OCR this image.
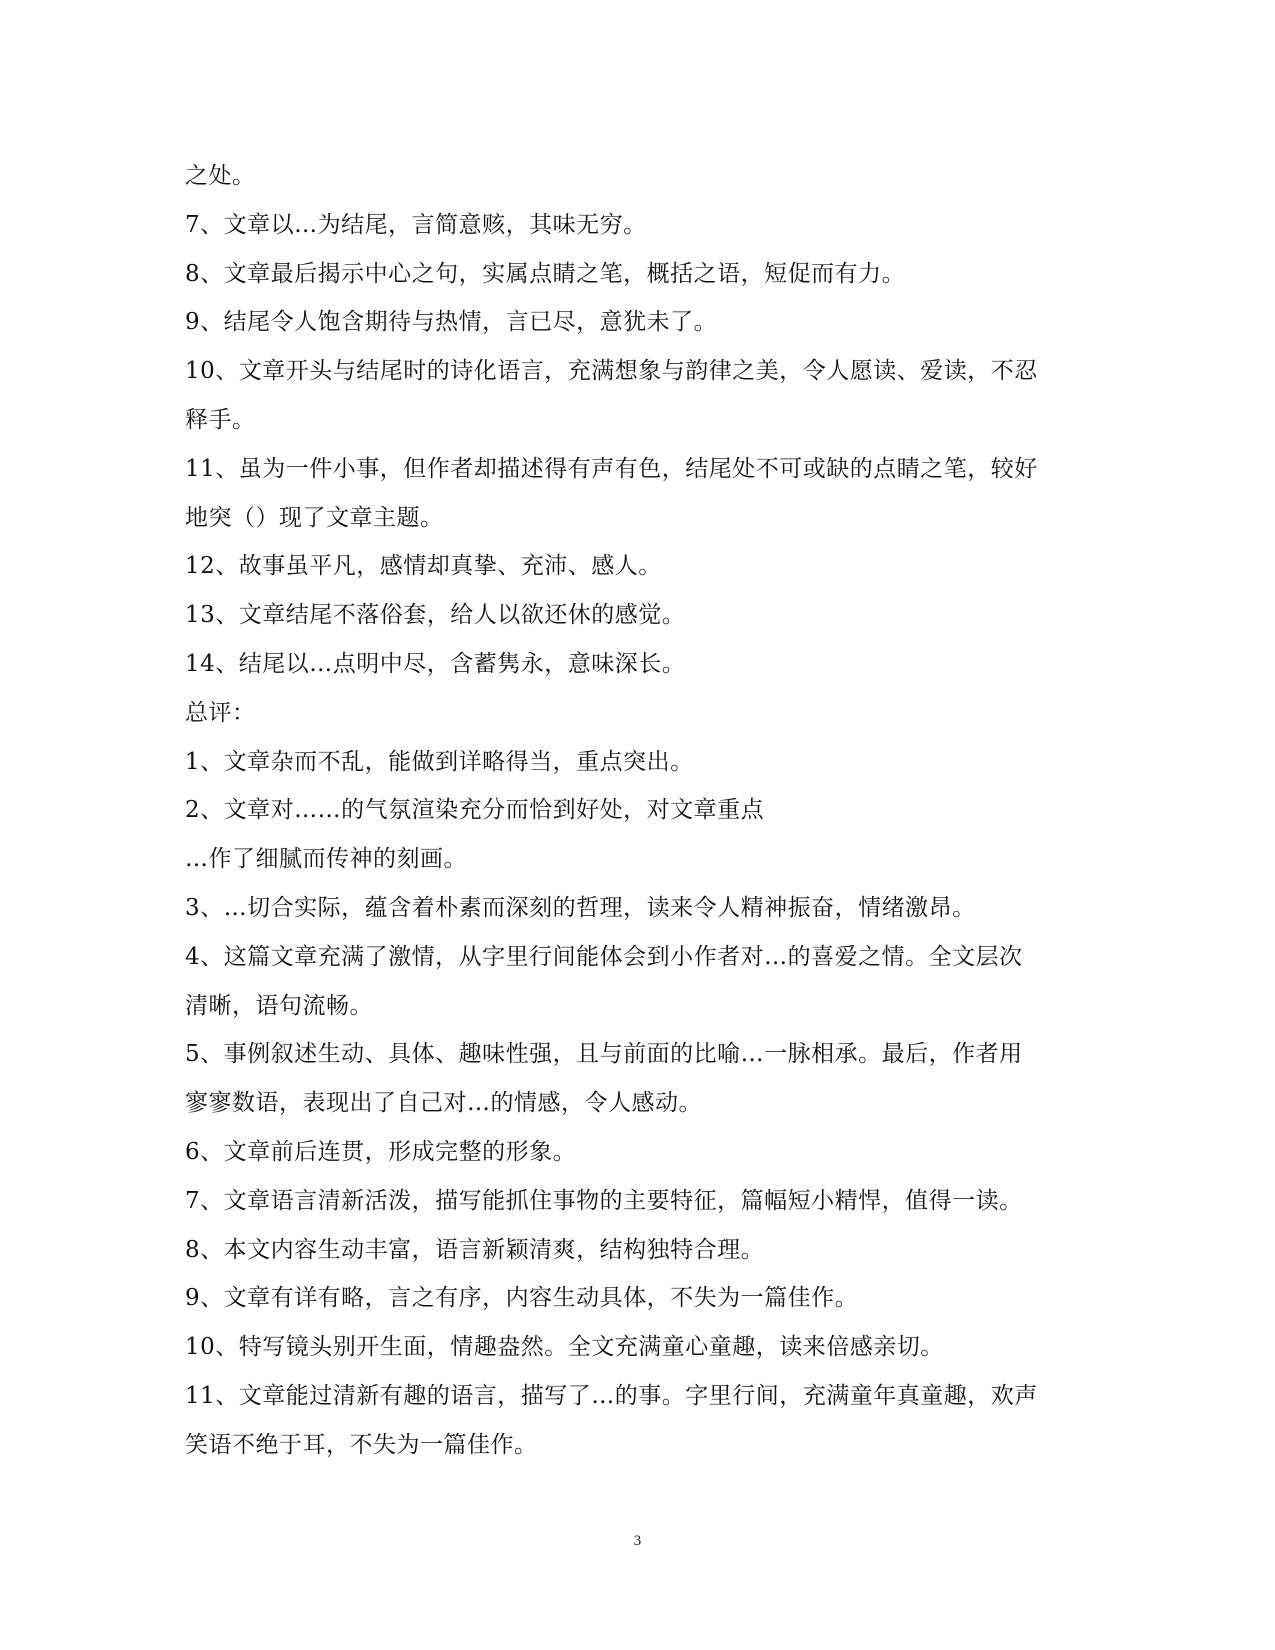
之处。
7、文章以…为结尾，言简意赅，其味无穷。
8、文章最后揭示中心之句，实属点睛之笔，概括之语，短促而有力。
9、结尾令人饱含期待与热情，言已尽，意犹未了。
10、文章开头与结尾时的诗化语言，充满想象与韵律之美，令人愿读、爱读，不忍
释手。
11、虽为一件小事，但作者却描述得有声有色，结尾处不可或缺的点睛之笔，较好
地突（）现了文章主题。
12、故事虽平凡，感情却真挚、充沛、感人。
13、文章结尾不落俗套，给人以欲还休的感觉。
14、结尾以…点明中尽，含蓄隽永，意味深长。
总评：
1、文章杂而不乱，能做到详略得当，重点突出。
2、文章对……的气氛渲染充分而恰到好处，对文章重点
…作了细腻而传神的刻画。
3、…切合实际，蕴含着朴素而深刻的哲理，读来令人精神振奋，情绪激昂。
4、这篇文章充满了激情，从字里行间能体会到小作者对…的喜爱之情。全文层次
清晰，语句流畅。
5、事例叙述生动、具体、趣味性强，且与前面的比喻…一脉相承。最后，作者用
寥寥数语，表现出了自己对…的情感，令人感动。
6、文章前后连贯，形成完整的形象。
7、文章语言清新活泼，描写能抓住事物的主要特征，篇幅短小精悍，值得一读。
8、本文内容生动丰富，语言新颖清爽，结构独特合理。
9、文章有详有略，言之有序，内容生动具体，不失为一篇佳作。
10、特写镜头别开生面，情趣盎然。全文充满童心童趣，读来倍感亲切。
11、文章能过清新有趣的语言，描写了…的事。字里行间，充满童年真童趣，欢声
笑语不绝于耳，不失为一篇佳作。
3
